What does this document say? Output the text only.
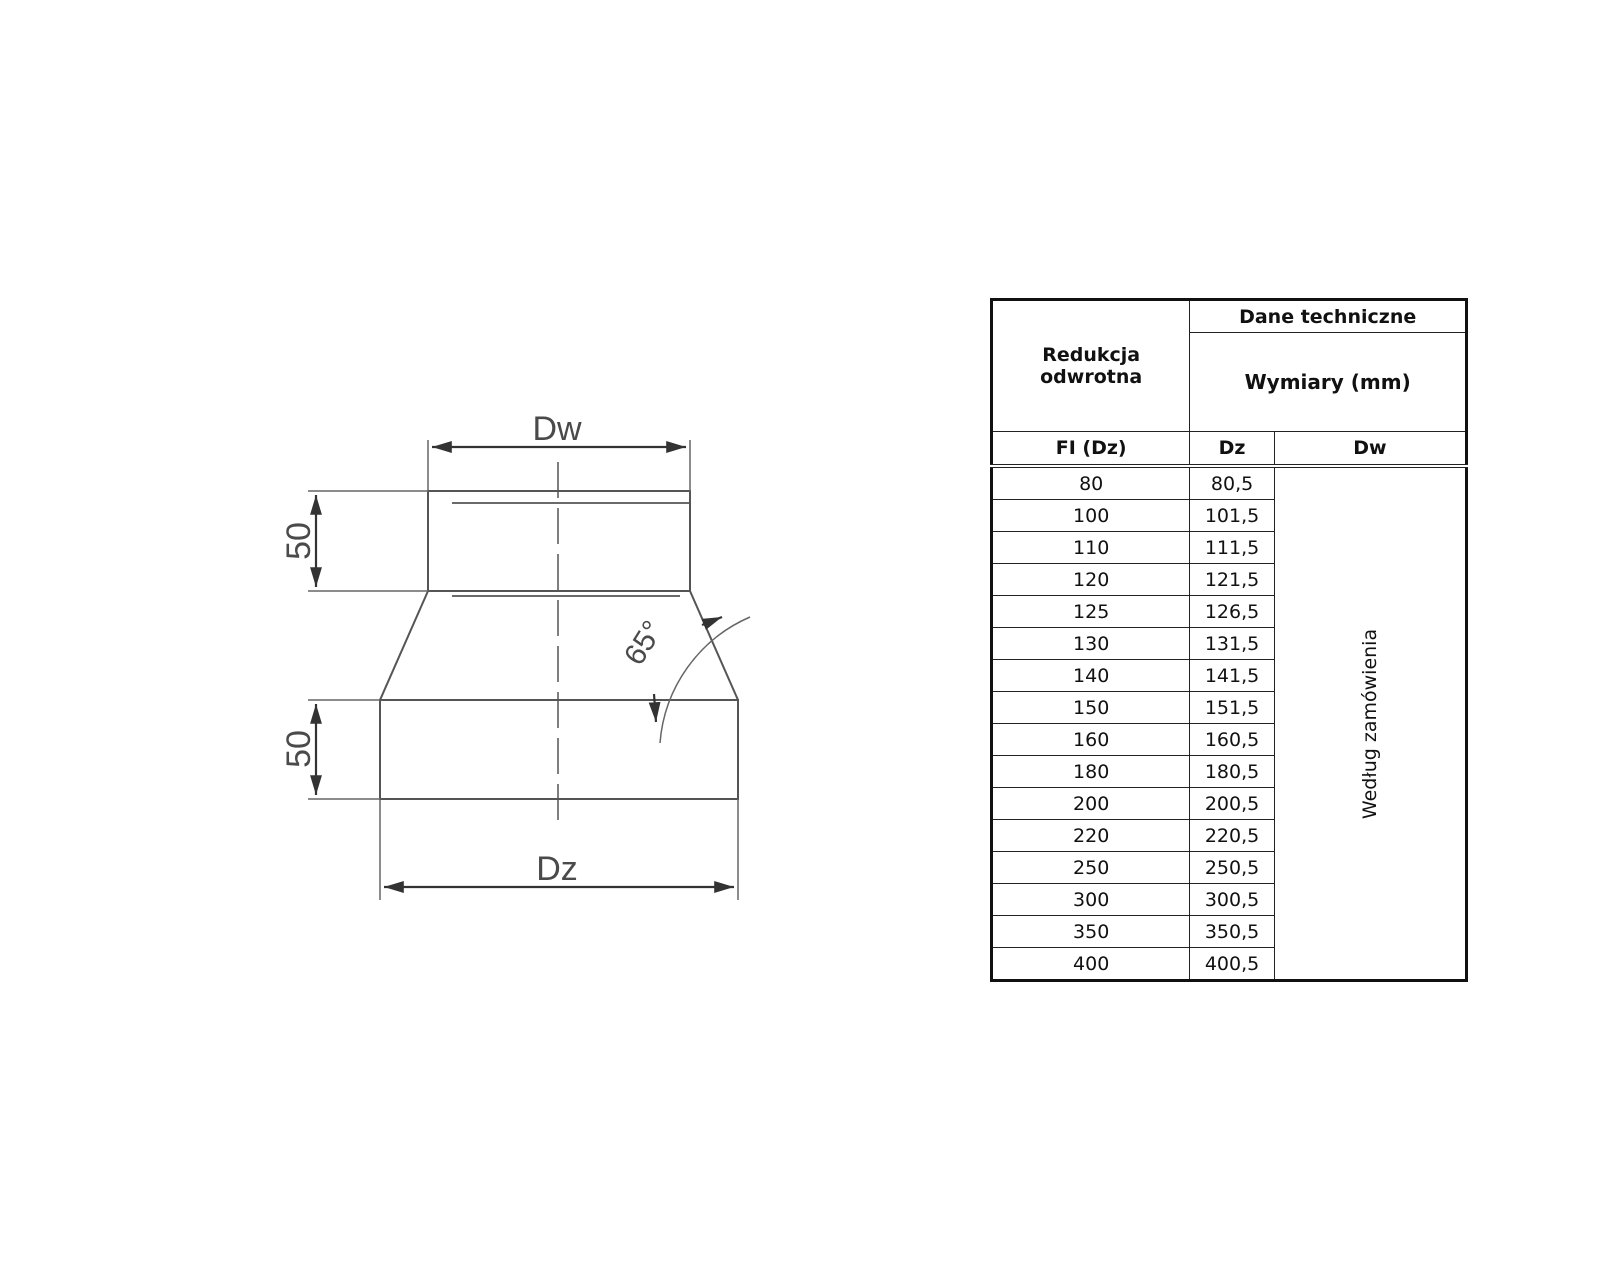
Dw
Dz
50
50
65°
Redukcja odwrotna	Dane techniczne	
	Wymiary (mm)	
FI (Dz)	Dz	Dw
80	80,5	Według zamówienia
100	101,5	
110	111,5	
120	121,5	
125	126,5	
130	131,5	
140	141,5	
150	151,5	
160	160,5	
180	180,5	
200	200,5	
220	220,5	
250	250,5	
300	300,5	
350	350,5	
400	400,5	
